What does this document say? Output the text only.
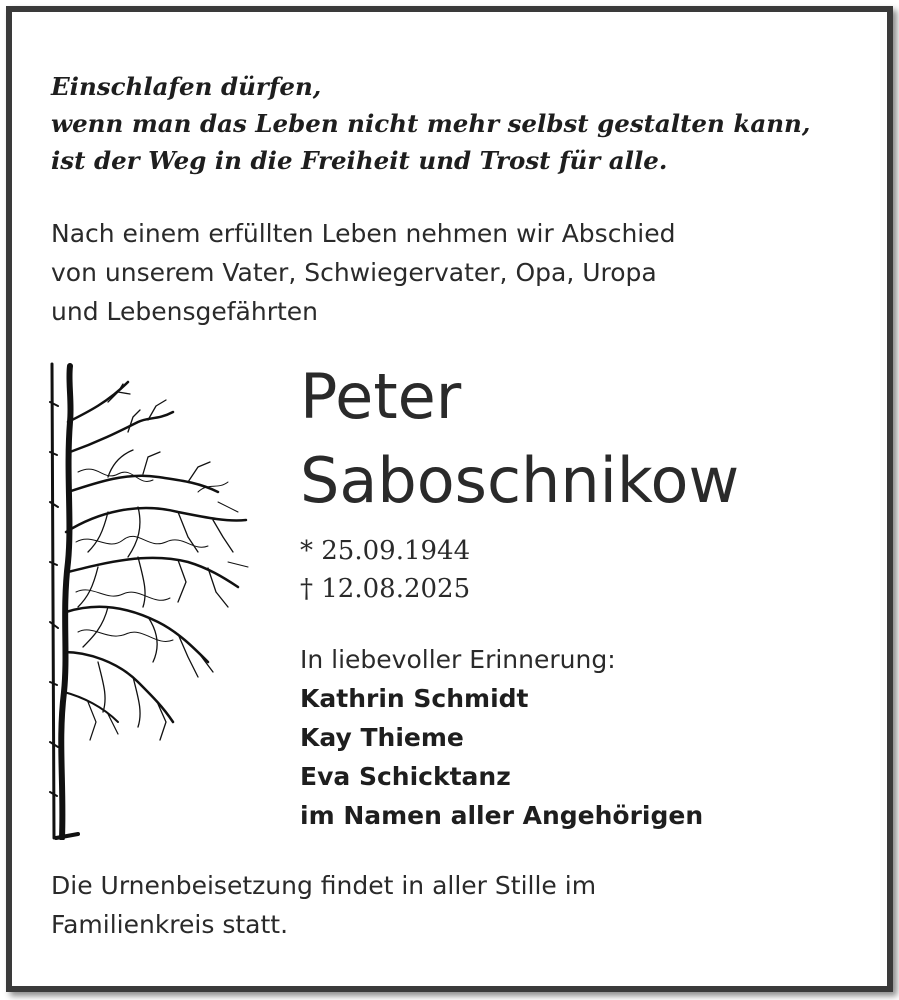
Einschlafen dürfen,
wenn man das Leben nicht mehr selbst gestalten kann,
ist der Weg in die Freiheit und Trost für alle.

Nach einem erfüllten Leben nehmen wir Abschied
von unserem Vater, Schwiegervater, Opa, Uropa
und Lebensgefährten

Peter
Saboschnikow
* 25.09.1944
† 12.08.2025
In liebevoller Erinnerung:
Kathrin Schmidt
Kay Thieme
Eva Schicktanz
im Namen aller Angehörigen

Die Urnenbeisetzung findet in aller Stille im
Familienkreis statt.
